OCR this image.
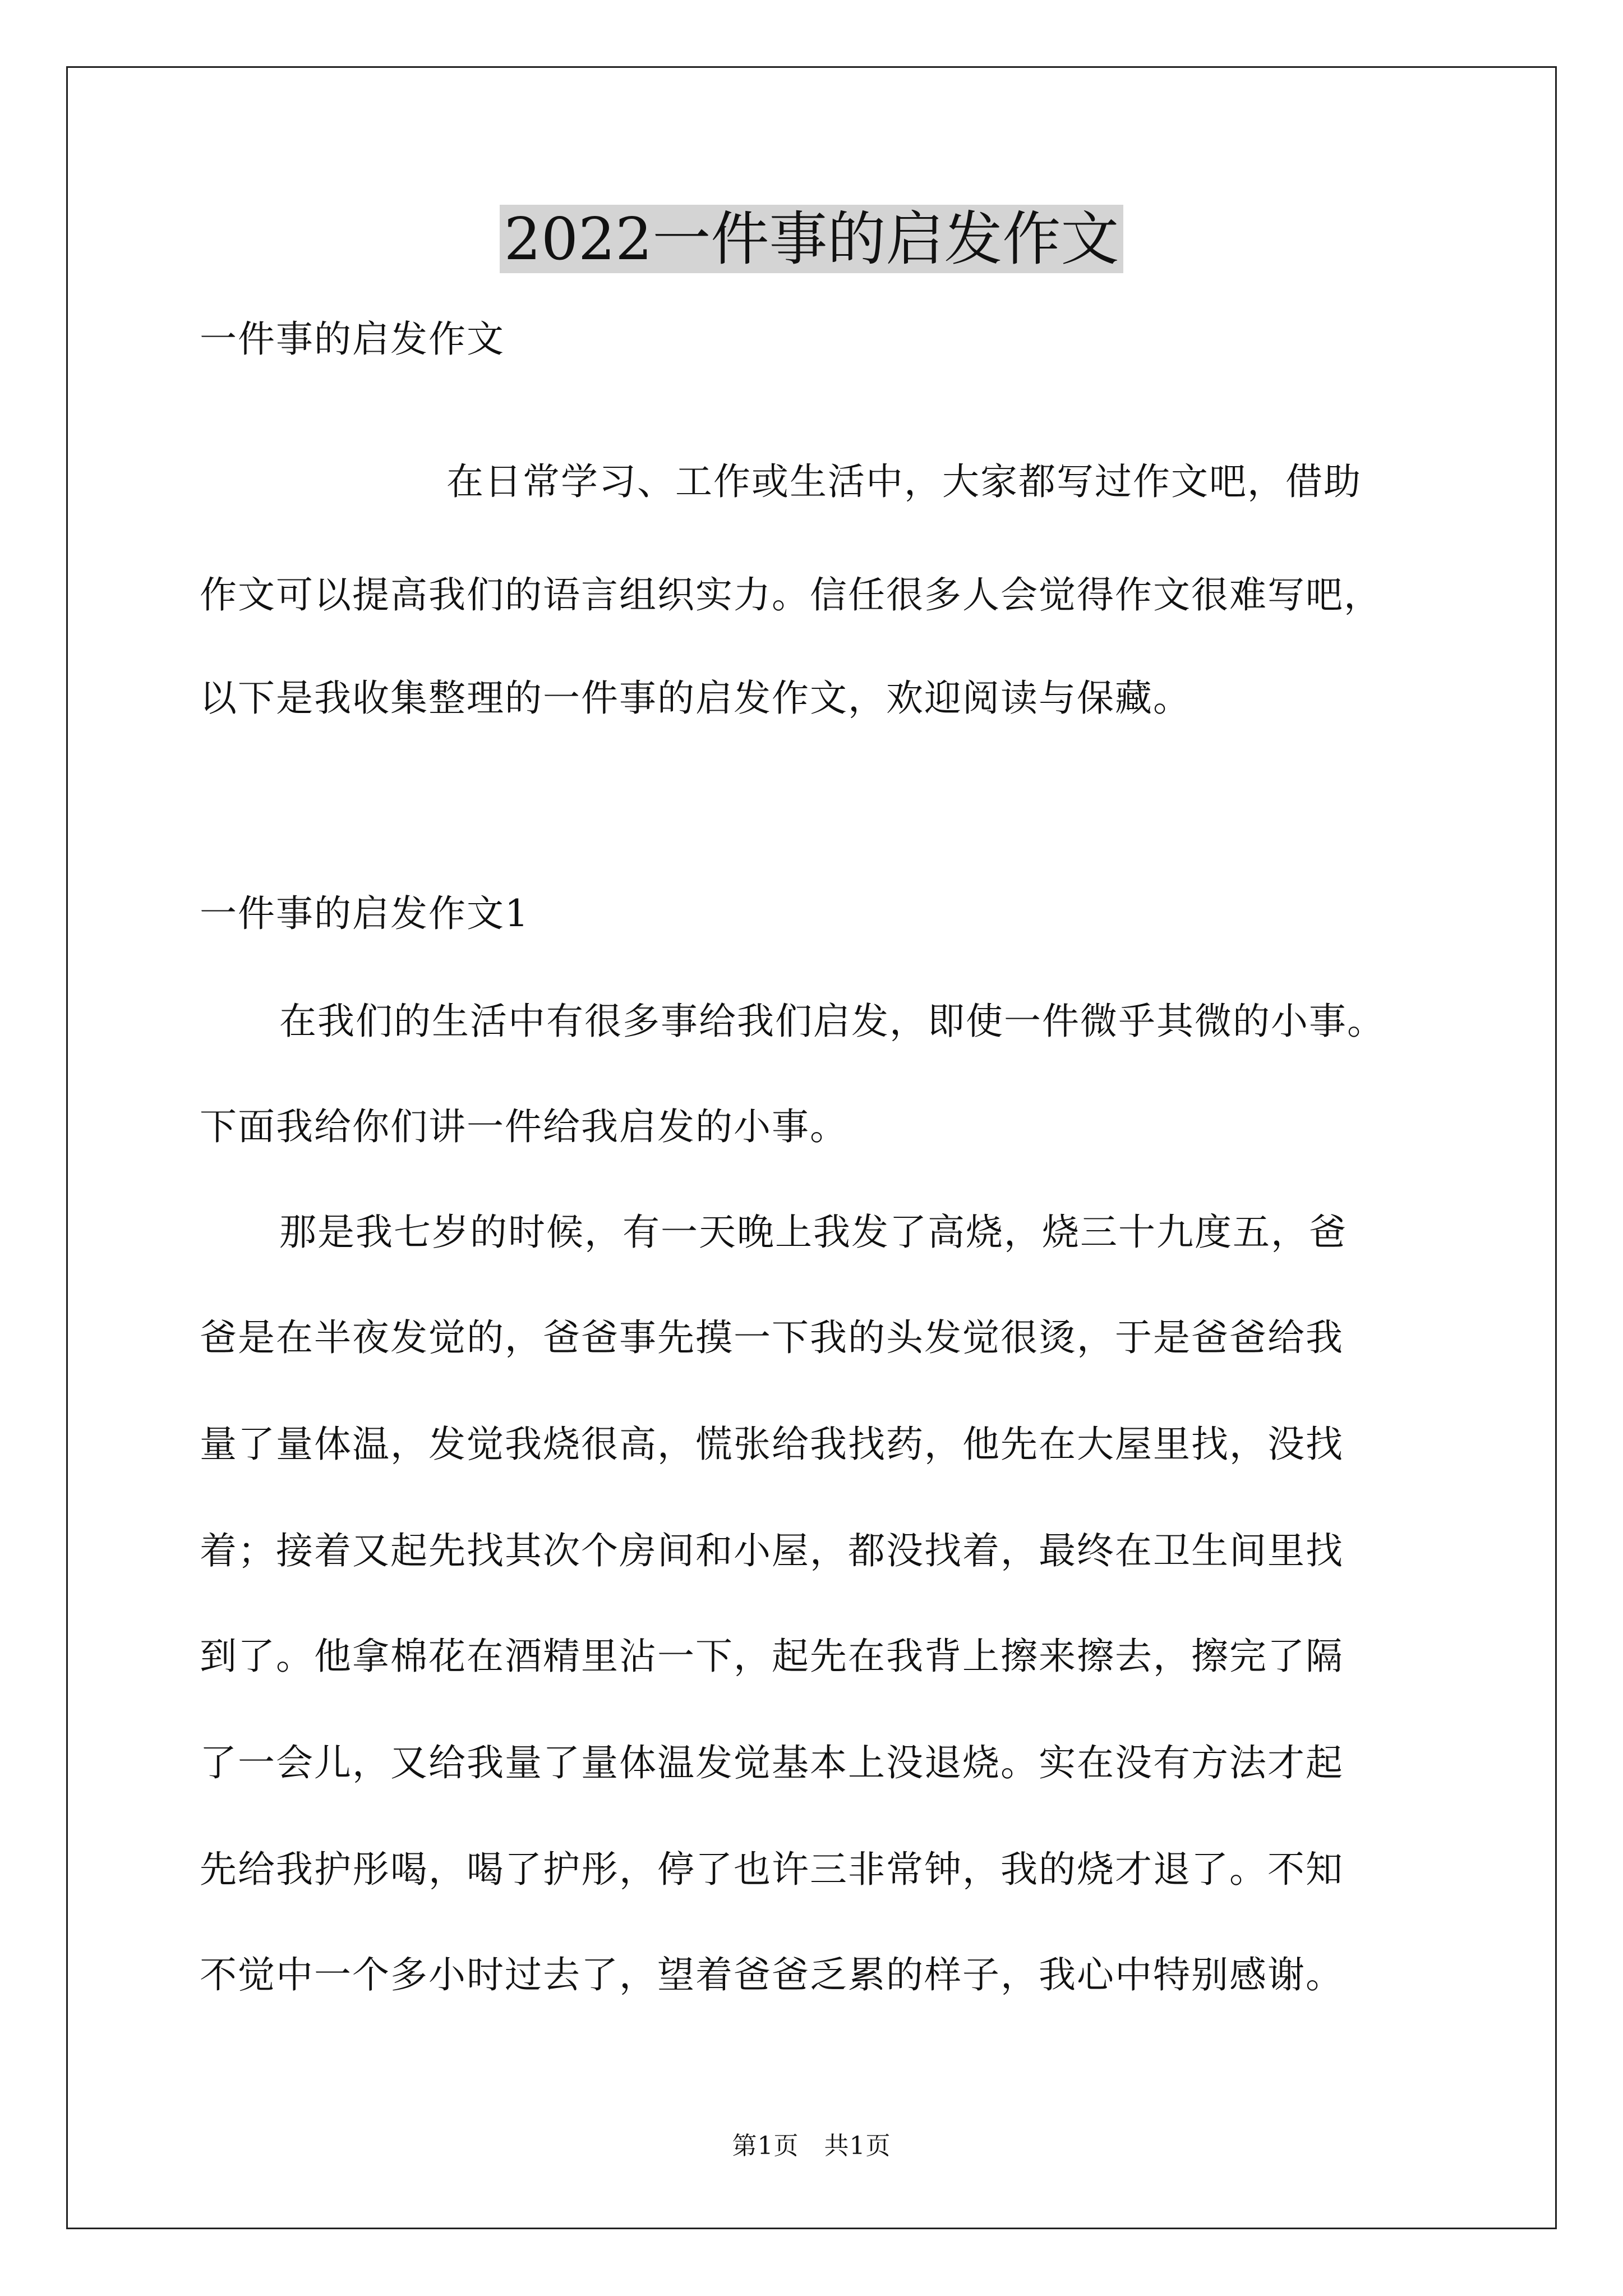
2022一件事的启发作文

一件事的启发作文

在日常学习、工作或生活中，大家都写过作文吧，借助

作文可以提高我们的语言组织实力。信任很多人会觉得作文很难写吧，

以下是我收集整理的一件事的启发作文，欢迎阅读与保藏。

一件事的启发作文1

在我们的生活中有很多事给我们启发，即使一件微乎其微的小事。

下面我给你们讲一件给我启发的小事。

那是我七岁的时候，有一天晚上我发了高烧，烧三十九度五，爸

爸是在半夜发觉的，爸爸事先摸一下我的头发觉很烫，于是爸爸给我

量了量体温，发觉我烧很高，慌张给我找药，他先在大屋里找，没找

着；接着又起先找其次个房间和小屋，都没找着，最终在卫生间里找

到了。他拿棉花在酒精里沾一下，起先在我背上擦来擦去，擦完了隔

了一会儿，又给我量了量体温发觉基本上没退烧。实在没有方法才起

先给我护彤喝，喝了护彤，停了也许三非常钟，我的烧才退了。不知

不觉中一个多小时过去了，望着爸爸乏累的样子，我心中特别感谢。

第1页　共1页
